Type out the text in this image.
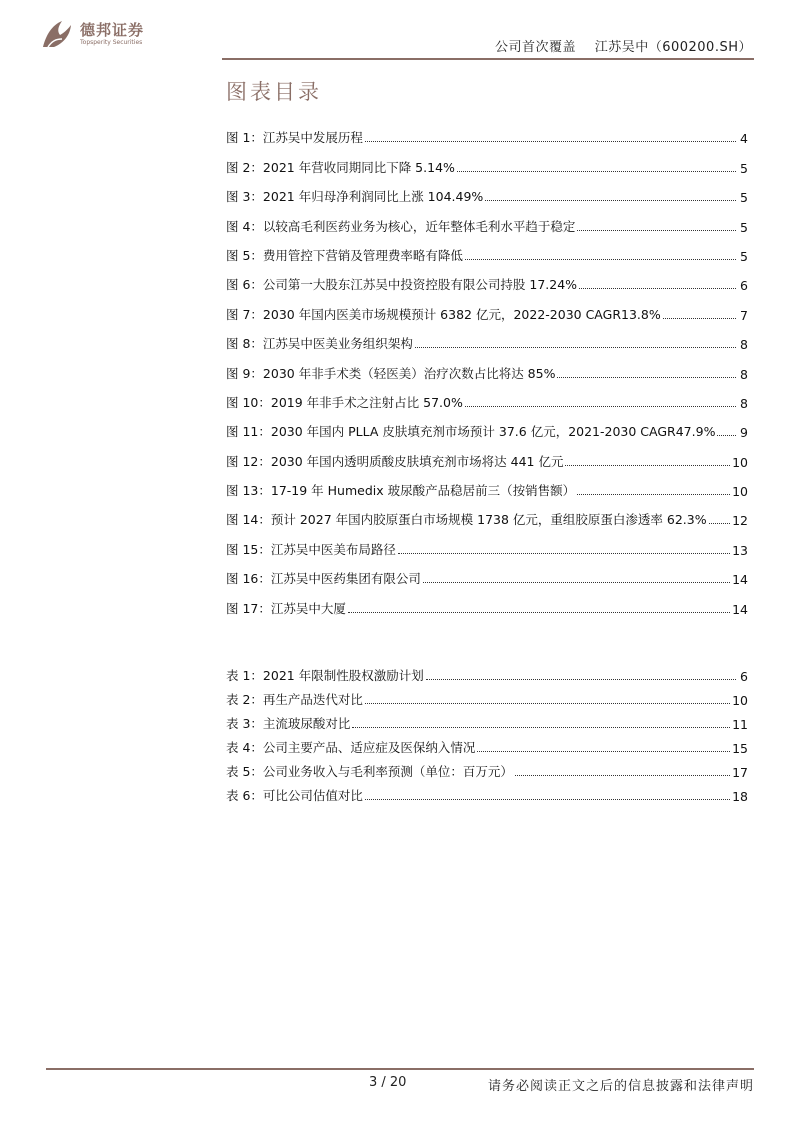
德邦证券
Topsperity Securities	公司首次覆盖 江苏吴中（600200.SH）
图表目录
图 1：江苏吴中发展历程	4
图 2：2021 年营收同期同比下降 5.14%	5
图 3：2021 年归母净利润同比上涨 104.49%	5
图 4：以较高毛利医药业务为核心，近年整体毛利水平趋于稳定	5
图 5：费用管控下营销及管理费率略有降低	5
图 6：公司第一大股东江苏吴中投资控股有限公司持股 17.24%	6
图 7：2030 年国内医美市场规模预计 6382 亿元，2022-2030 CAGR13.8%	7
图 8：江苏吴中医美业务组织架构	8
图 9：2030 年非手术类（轻医美）治疗次数占比将达 85%	8
图 10：2019 年非手术之注射占比 57.0%	8
图 11：2030 年国内 PLLA 皮肤填充剂市场预计 37.6 亿元，2021-2030 CAGR47.9% 9
图 12：2030 年国内透明质酸皮肤填充剂市场将达 441 亿元	10
图 13：17-19 年 Humedix 玻尿酸产品稳居前三（按销售额）	10
图 14：预计 2027 年国内胶原蛋白市场规模 1738 亿元，重组胶原蛋白渗透率 62.3% 12
图 15：江苏吴中医美布局路径	13
图 16：江苏吴中医药集团有限公司	14
图 17：江苏吴中大厦	14
表 1：2021 年限制性股权激励计划	6
表 2：再生产品迭代对比	10
表 3：主流玻尿酸对比	11
表 4：公司主要产品、适应症及医保纳入情况	15
表 5：公司业务收入与毛利率预测（单位：百万元）	17
表 6：可比公司估值对比	18
3 / 20	请务必阅读正文之后的信息披露和法律声明
